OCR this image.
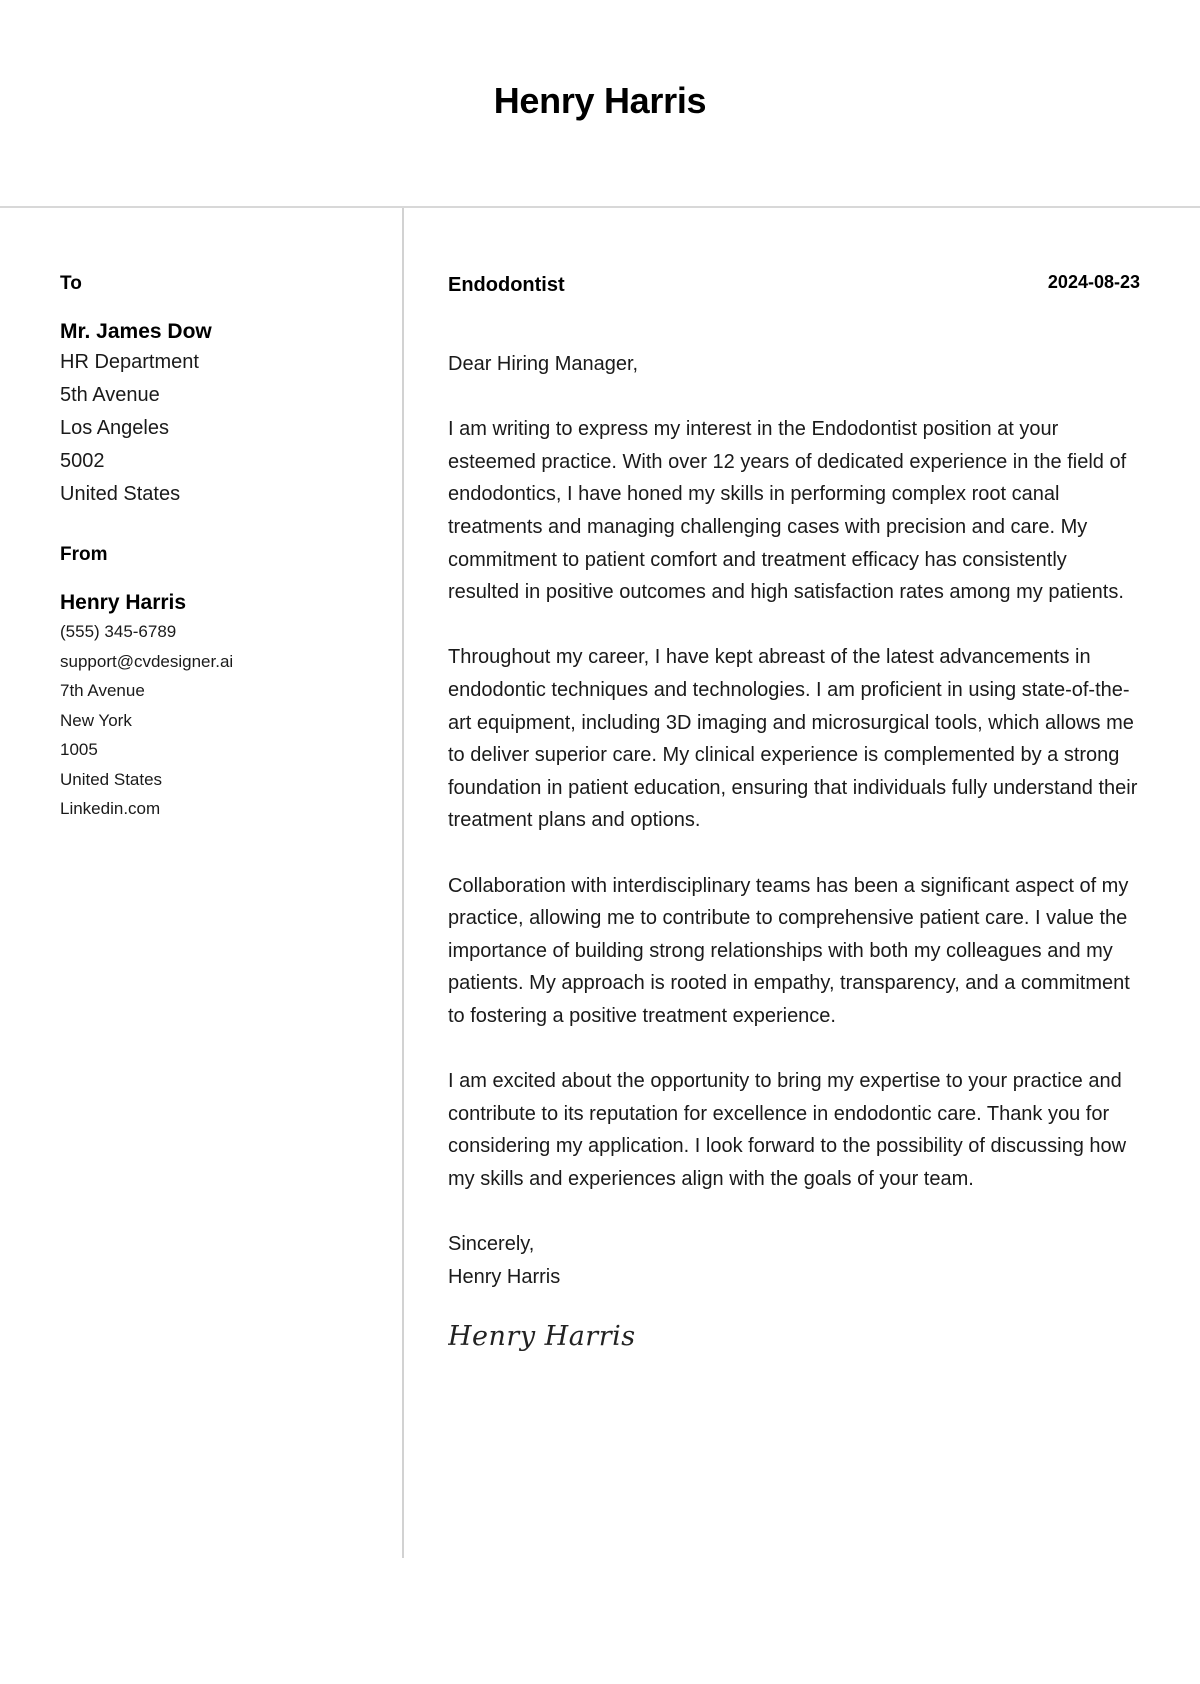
Henry Harris
To
Mr. James Dow
HR Department
5th Avenue
Los Angeles
5002
United States
From
Henry Harris
(555) 345-6789
support@cvdesigner.ai
7th Avenue
New York
1005
United States
Linkedin.com
Endodontist	2024-08-23

Dear Hiring Manager,

I am writing to express my interest in the Endodontist position at your esteemed practice. With over 12 years of dedicated experience in the field of endodontics, I have honed my skills in performing complex root canal treatments and managing challenging cases with precision and care. My commitment to patient comfort and treatment efficacy has consistently resulted in positive outcomes and high satisfaction rates among my patients.

Throughout my career, I have kept abreast of the latest advancements in endodontic techniques and technologies. I am proficient in using state-of-the-art equipment, including 3D imaging and microsurgical tools, which allows me to deliver superior care. My clinical experience is complemented by a strong foundation in patient education, ensuring that individuals fully understand their treatment plans and options.

Collaboration with interdisciplinary teams has been a significant aspect of my practice, allowing me to contribute to comprehensive patient care. I value the importance of building strong relationships with both my colleagues and my patients. My approach is rooted in empathy, transparency, and a commitment to fostering a positive treatment experience.

I am excited about the opportunity to bring my expertise to your practice and contribute to its reputation for excellence in endodontic care. Thank you for considering my application. I look forward to the possibility of discussing how my skills and experiences align with the goals of your team.

Sincerely,

Henry Harris

Henry Harris
